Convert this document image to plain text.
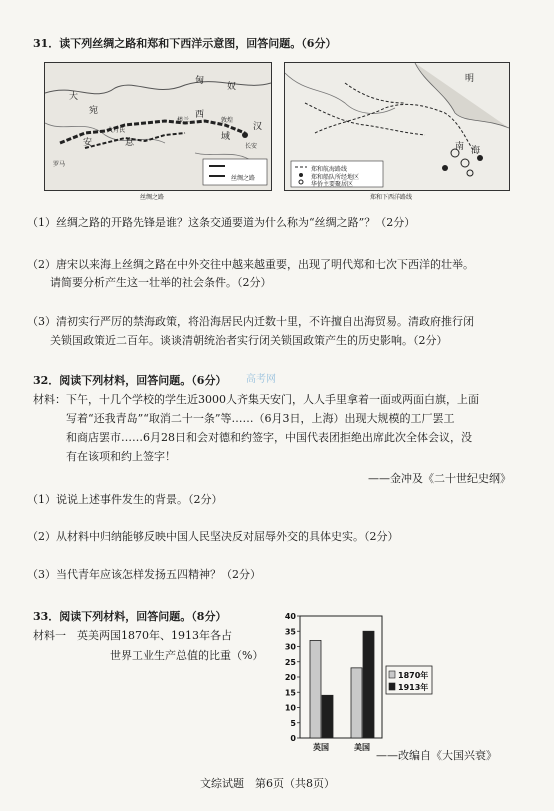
31．读下列丝绸之路和郑和下西洋示意图，回答问题。（6分）
匈
奴
大
宛
安	息
西
域
长安
汉
楼兰	敦煌
罗马
大月氏
丝绸之路
丝绸之路
明
南 海
郑和航海路线
郑和船队所经地区
华侨主要聚居区
郑和下西洋路线
（1）丝绸之路的开路先锋是谁？这条交通要道为什么称为“丝绸之路”？（2分）
（2）唐宋以来海上丝绸之路在中外交往中越来越重要，出现了明代郑和七次下西洋的壮举。
请简要分析产生这一壮举的社会条件。（2分）
（3）清初实行严厉的禁海政策，将沿海居民内迁数十里，不许擅自出海贸易。清政府推行闭
关锁国政策近二百年。谈谈清朝统治者实行闭关锁国政策产生的历史影响。（2分）
32．阅读下列材料，回答问题。（6分） 高考网
材料：下午，十几个学校的学生近3000人齐集天安门，人人手里拿着一面或两面白旗，上面
写着“还我青岛”“取消二十一条”等……（6月3日，上海）出现大规模的工厂罢工
和商店罢市……6月28日和会对德和约签字，中国代表团拒绝出席此次全体会议，没
有在该项和约上签字！
——金冲及《二十世纪史纲》
（1）说说上述事件发生的背景。（2分）
（2）从材料中归纳能够反映中国人民坚决反对屈辱外交的具体史实。（2分）
（3）当代青年应该怎样发扬五四精神？（2分）
33．阅读下列材料，回答问题。（8分）
材料一　英美两国1870年、1913年各占
世界工业生产总值的比重（%）
0
5
10
15
20
25
30
35
40
英国	美国
1870年
1913年
——改编自《大国兴衰》
文综试题　第6页（共8页）
